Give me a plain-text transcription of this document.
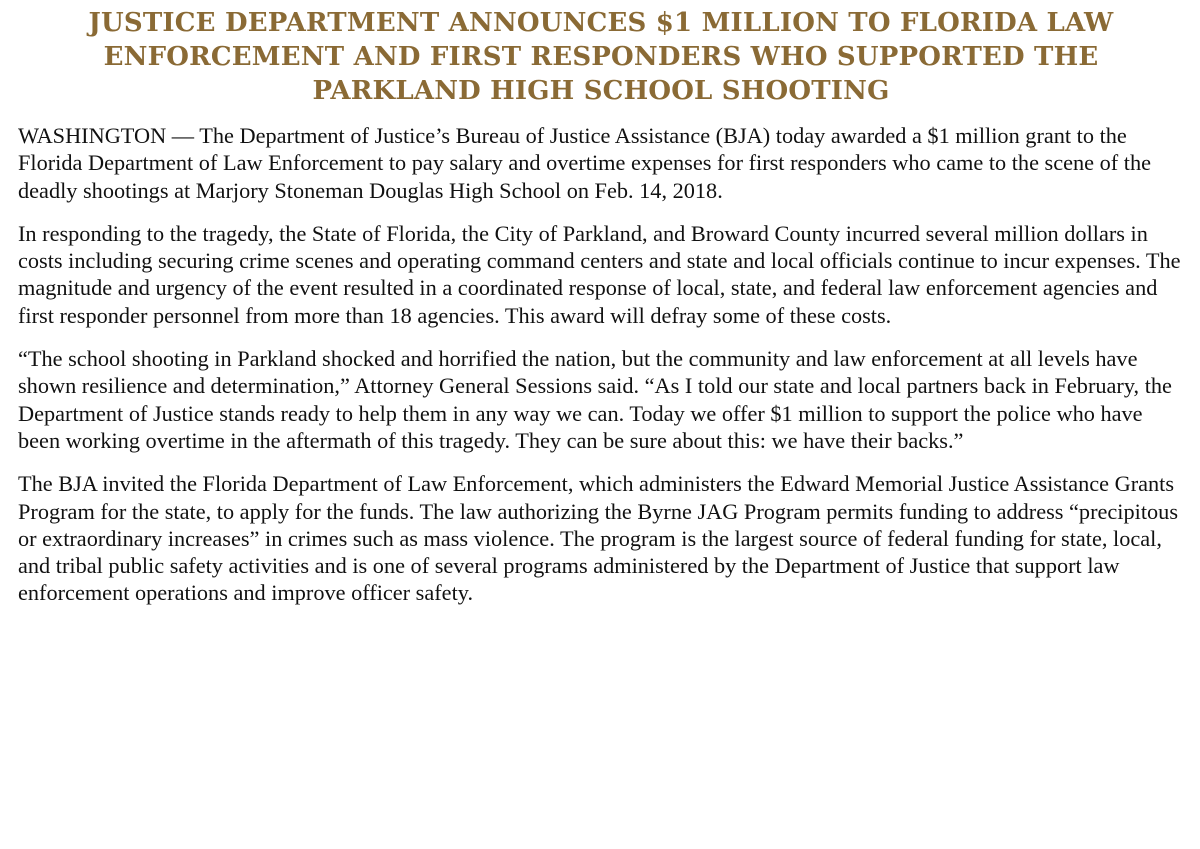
JUSTICE DEPARTMENT ANNOUNCES $1 MILLION TO FLORIDA LAW ENFORCEMENT AND FIRST RESPONDERS WHO SUPPORTED THE PARKLAND HIGH SCHOOL SHOOTING

WASHINGTON — The Department of Justice’s Bureau of Justice Assistance (BJA) today awarded a $1 million grant to the Florida Department of Law Enforcement to pay salary and overtime expenses for first responders who came to the scene of the deadly shootings at Marjory Stoneman Douglas High School on Feb. 14, 2018.

In responding to the tragedy, the State of Florida, the City of Parkland, and Broward County incurred several million dollars in costs including securing crime scenes and operating command centers and state and local officials continue to incur expenses. The magnitude and urgency of the event resulted in a coordinated response of local, state, and federal law enforcement agencies and first responder personnel from more than 18 agencies. This award will defray some of these costs.

“The school shooting in Parkland shocked and horrified the nation, but the community and law enforcement at all levels have shown resilience and determination,” Attorney General Sessions said. “As I told our state and local partners back in February, the Department of Justice stands ready to help them in any way we can. Today we offer $1 million to support the police who have been working overtime in the aftermath of this tragedy. They can be sure about this: we have their backs.”

The BJA invited the Florida Department of Law Enforcement, which administers the Edward Memorial Justice Assistance Grants Program for the state, to apply for the funds. The law authorizing the Byrne JAG Program permits funding to address “precipitous or extraordinary increases” in crimes such as mass violence. The program is the largest source of federal funding for state, local, and tribal public safety activities and is one of several programs administered by the Department of Justice that support law enforcement operations and improve officer safety.
